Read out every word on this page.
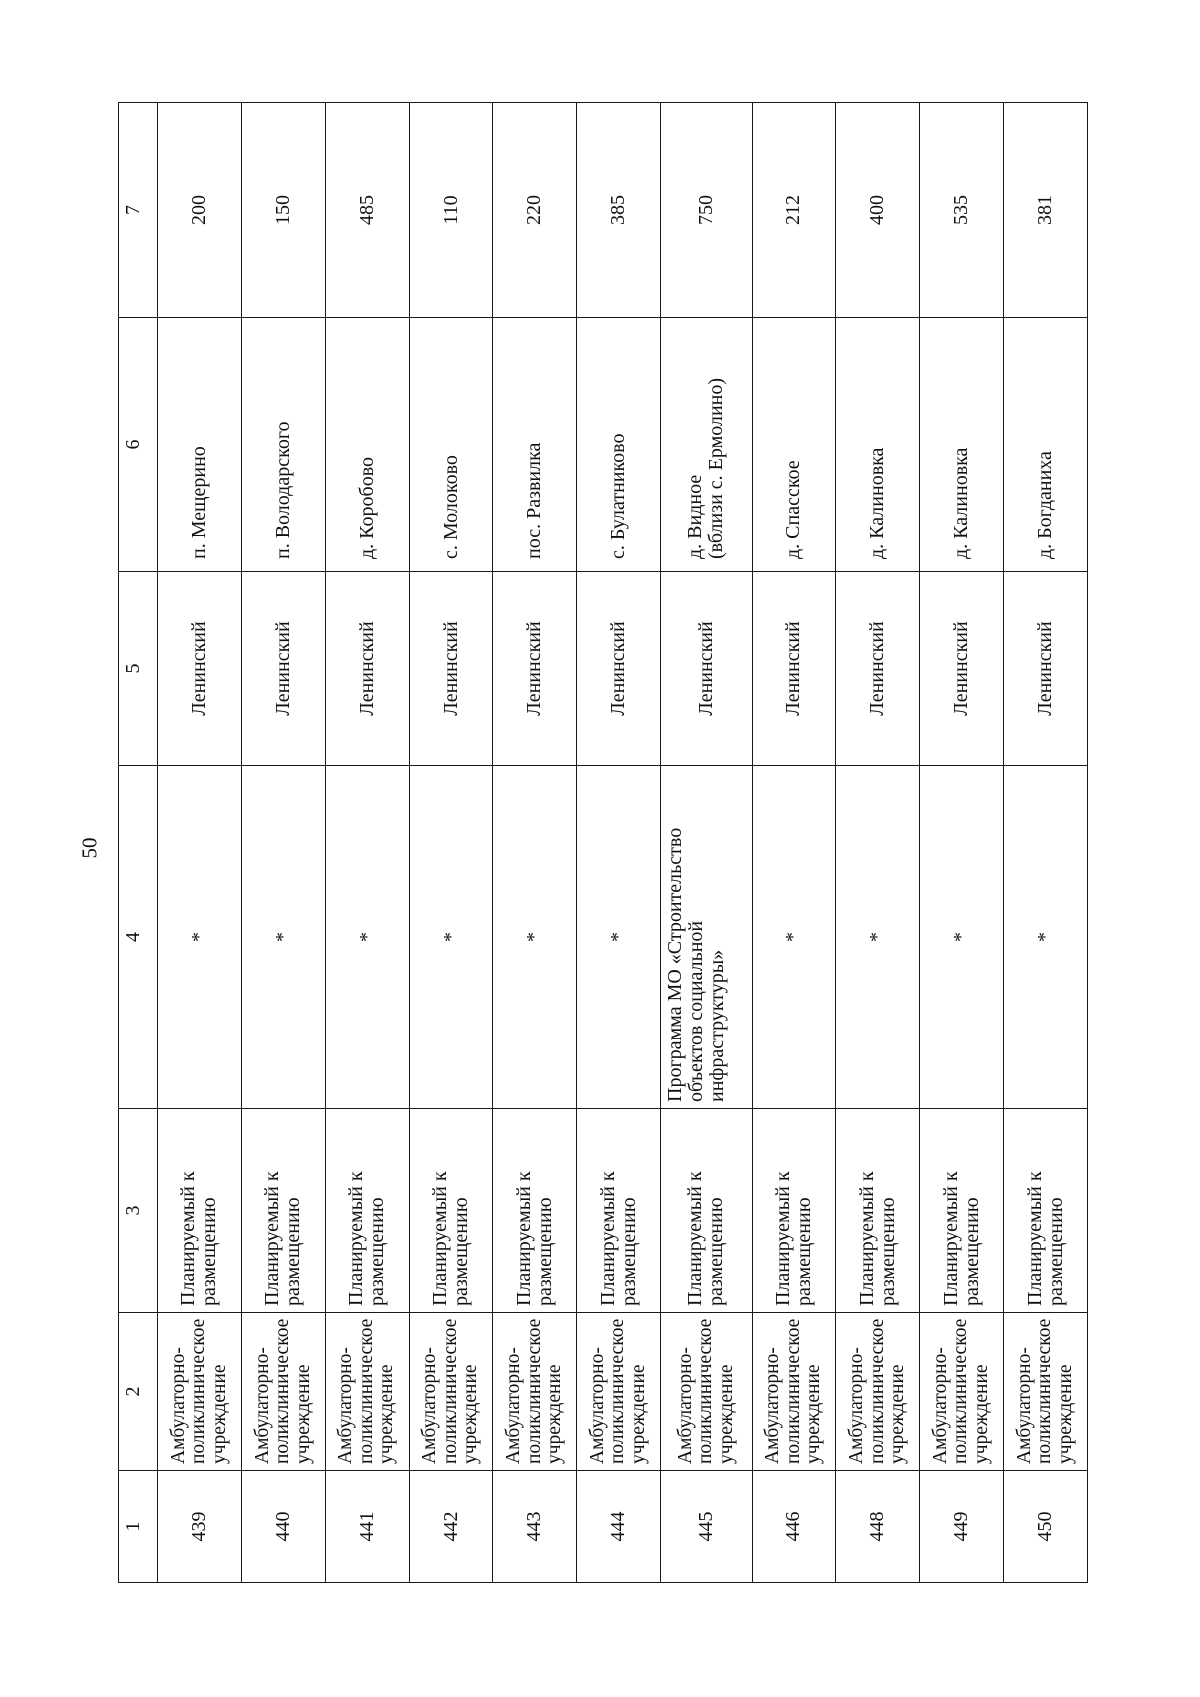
50
1	2	3	4	5	6	7
439	Амбулаторно-
поликлиническое
учреждение	Планируемый к
размещению	*	Ленинский	п. Мещерино	200
440	Амбулаторно-
поликлиническое
учреждение	Планируемый к
размещению	*	Ленинский	п. Володарского	150
441	Амбулаторно-
поликлиническое
учреждение	Планируемый к
размещению	*	Ленинский	д. Коробово	485
442	Амбулаторно-
поликлиническое
учреждение	Планируемый к
размещению	*	Ленинский	с. Молоково	110
443	Амбулаторно-
поликлиническое
учреждение	Планируемый к
размещению	*	Ленинский	пос. Развилка	220
444	Амбулаторно-
поликлиническое
учреждение	Планируемый к
размещению	*	Ленинский	с. Булатниково	385
445	Амбулаторно-
поликлиническое
учреждение	Планируемый к
размещению	Программа МО «Строительство
объектов социальной
инфраструктуры»	Ленинский	д. Видное
(вблизи с. Ермолино)	750
446	Амбулаторно-
поликлиническое
учреждение	Планируемый к
размещению	*	Ленинский	д. Спасское	212
448	Амбулаторно-
поликлиническое
учреждение	Планируемый к
размещению	*	Ленинский	д. Калиновка	400
449	Амбулаторно-
поликлиническое
учреждение	Планируемый к
размещению	*	Ленинский	д. Калиновка	535
450	Амбулаторно-
поликлиническое
учреждение	Планируемый к
размещению	*	Ленинский	д. Богданиха	381
